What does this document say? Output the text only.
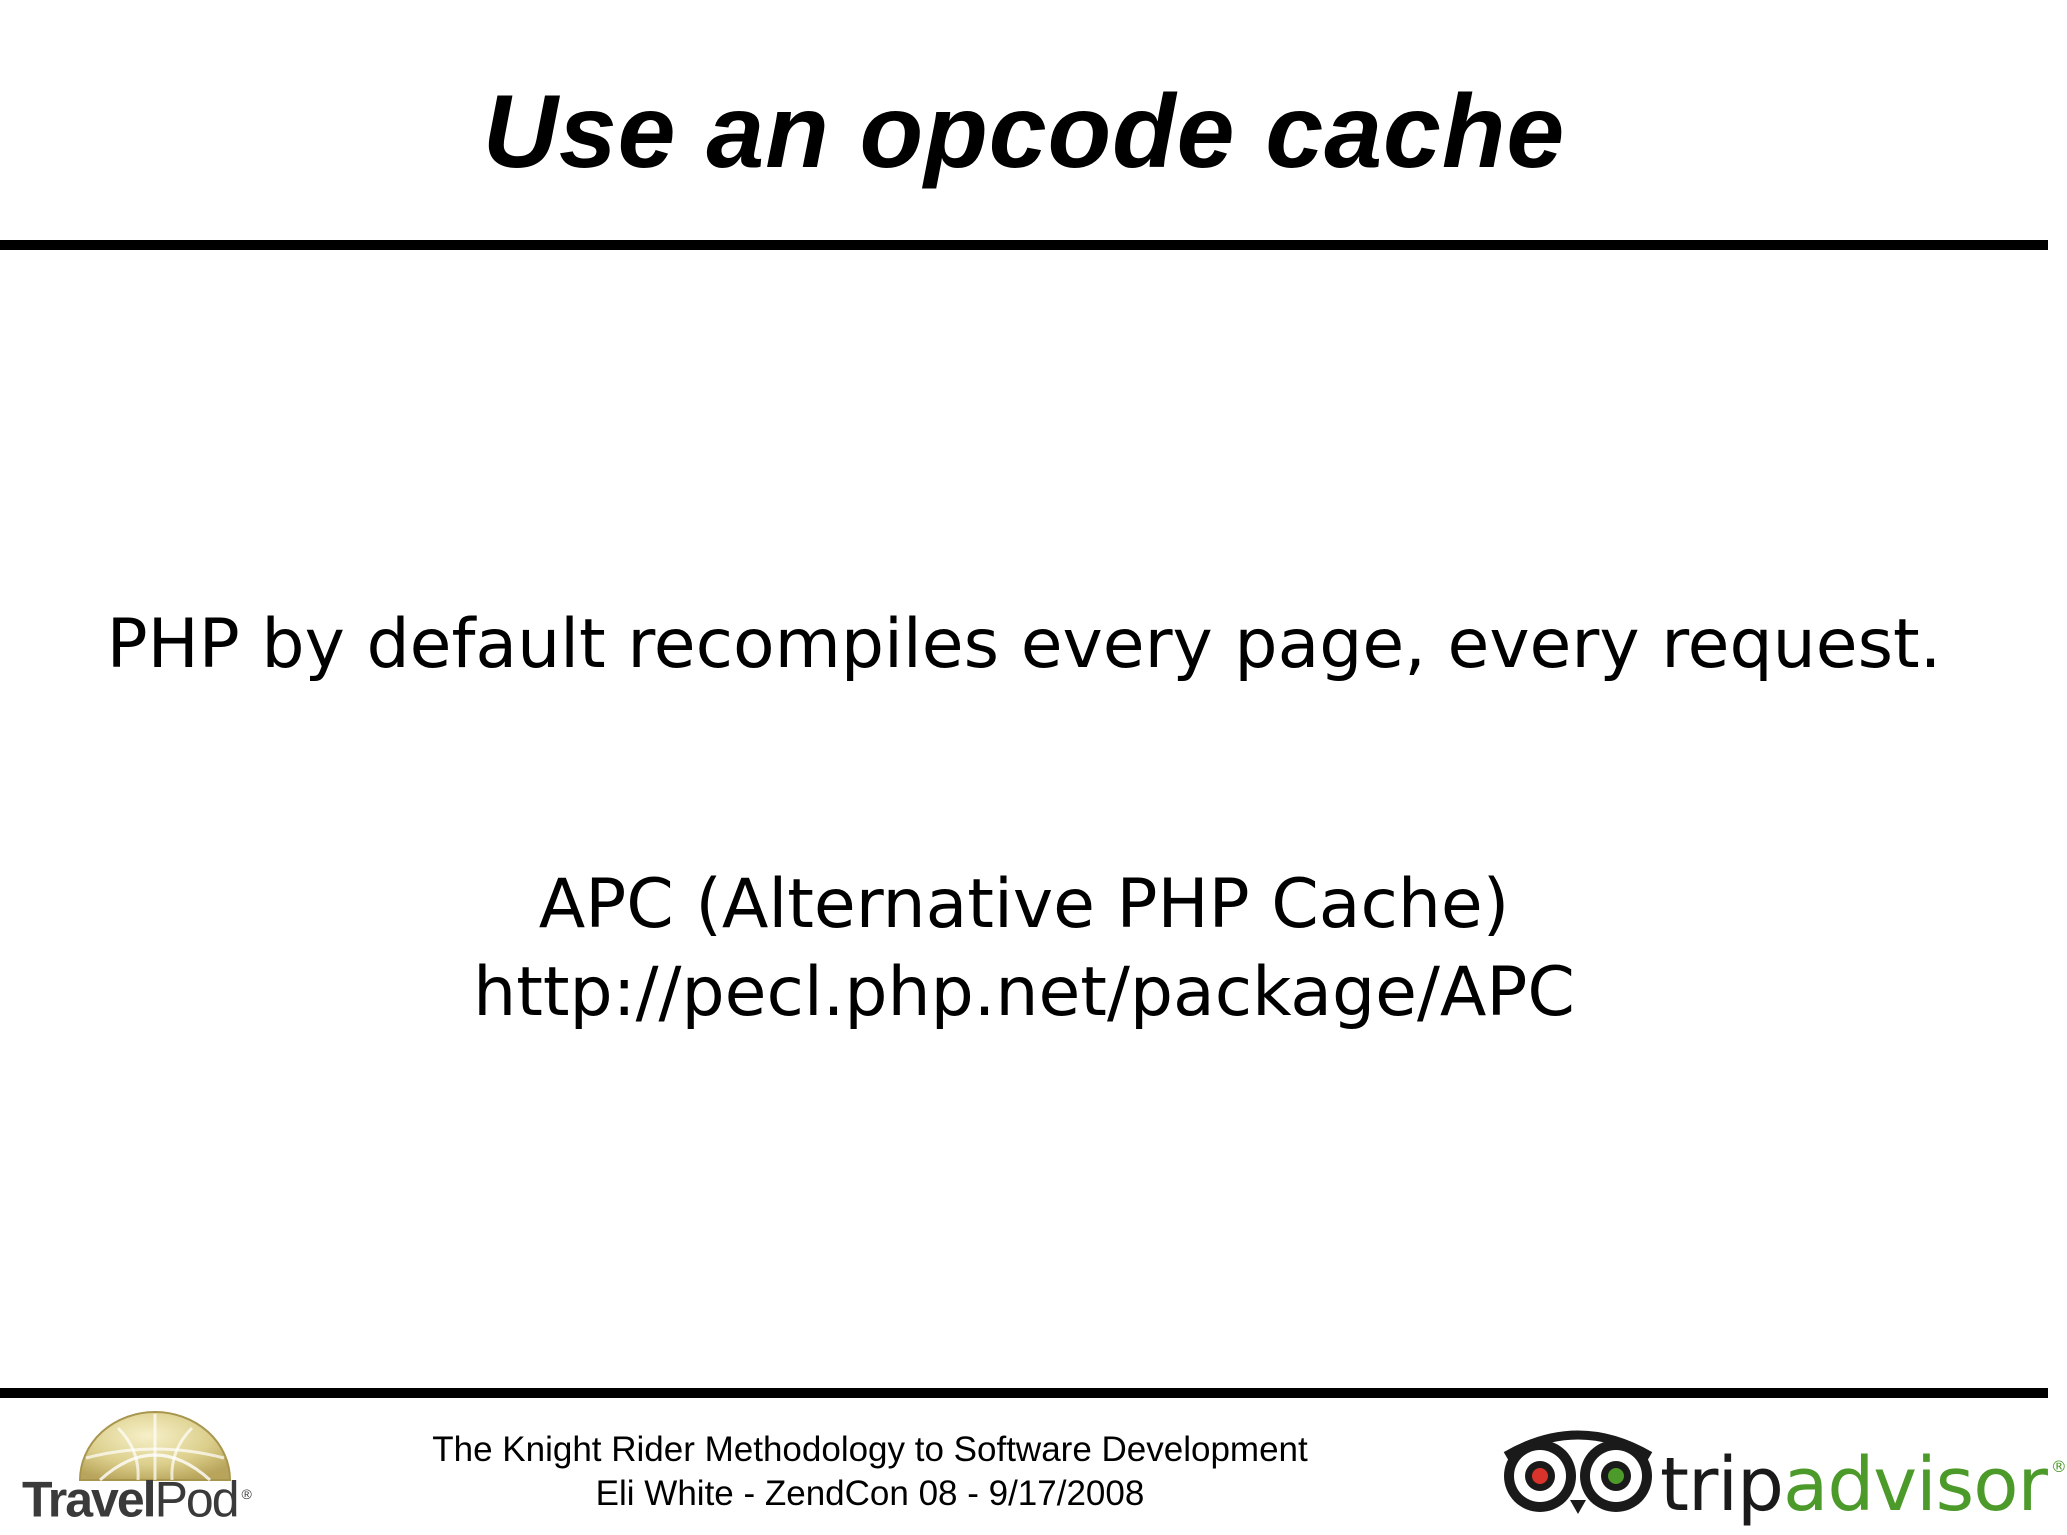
Use an opcode cache
PHP by default recompiles every page, every request.
APC (Alternative PHP Cache)
http://pecl.php.net/package/APC
TravelPod ®
The Knight Rider Methodology to Software Development
Eli White - ZendCon 08 - 9/17/2008	tripadvisor ®
